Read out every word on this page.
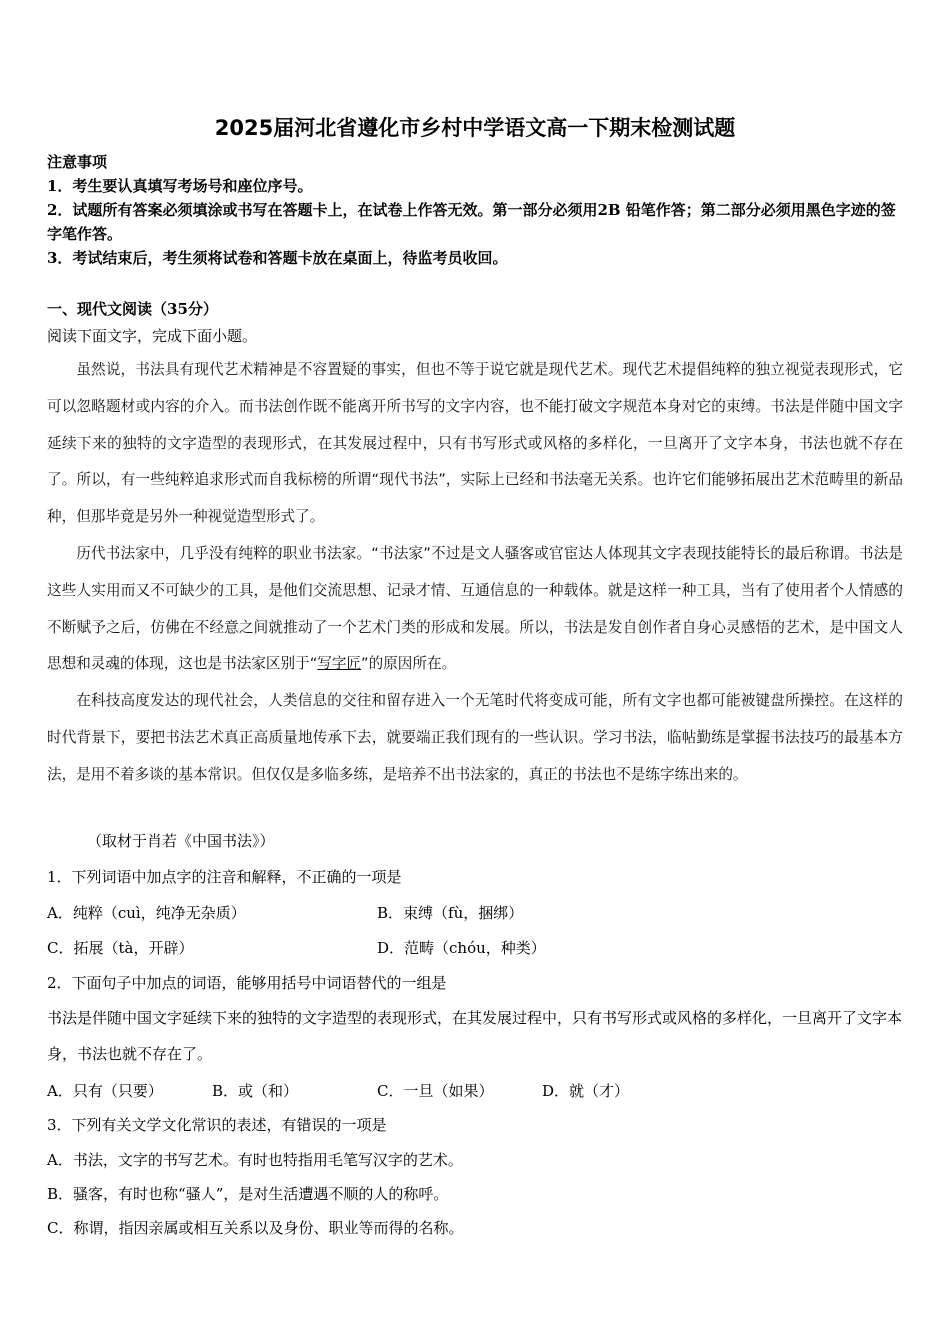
2025届河北省遵化市乡村中学语文高一下期末检测试题
注意事项
1．考生要认真填写考场号和座位序号。
2．试题所有答案必须填涂或书写在答题卡上，在试卷上作答无效。第一部分必须用2B 铅笔作答；第二部分必须用黑色字迹的签字笔作答。
3．考试结束后，考生须将试卷和答题卡放在桌面上，待监考员收回。
一、现代文阅读（35分）
阅读下面文字，完成下面小题。

虽然说，书法具有现代艺术精神是不容置疑的事实，但也不等于说它就是现代艺术。现代艺术提倡纯粹的独立视觉表现形式，它可以忽略题材或内容的介入。而书法创作既不能离开所书写的文字内容，也不能打破文字规范本身对它的束缚。书法是伴随中国文字延续下来的独特的文字造型的表现形式，在其发展过程中，只有书写形式或风格的多样化，一旦离开了文字本身，书法也就不存在了。所以，有一些纯粹追求形式而自我标榜的所谓“现代书法”，实际上已经和书法毫无关系。也许它们能够拓展出艺术范畴里的新品种，但那毕竟是另外一种视觉造型形式了。

历代书法家中，几乎没有纯粹的职业书法家。“书法家”不过是文人骚客或官宦达人体现其文字表现技能特长的最后称谓。书法是这些人实用而又不可缺少的工具，是他们交流思想、记录才情、互通信息的一种载体。就是这样一种工具，当有了使用者个人情感的不断赋予之后，仿佛在不经意之间就推动了一个艺术门类的形成和发展。所以，书法是发自创作者自身心灵感悟的艺术，是中国文人思想和灵魂的体现，这也是书法家区别于“写字匠”的原因所在。

在科技高度发达的现代社会，人类信息的交往和留存进入一个无笔时代将变成可能，所有文字也都可能被键盘所操控。在这样的时代背景下，要把书法艺术真正高质量地传承下去，就要端正我们现有的一些认识。学习书法，临帖勤练是掌握书法技巧的最基本方法，是用不着多谈的基本常识。但仅仅是多临多练，是培养不出书法家的，真正的书法也不是练字练出来的。

（取材于肖若《中国书法》）
1．下列词语中加点字的注音和解释，不正确的一项是
A．纯粹（cuì，纯净无杂质）	B．束缚（fù，捆绑）
C．拓展（tà，开辟）	D．范畴（chóu，种类）
2．下面句子中加点的词语，能够用括号中词语替代的一组是
书法是伴随中国文字延续下来的独特的文字造型的表现形式，在其发展过程中，只有书写形式或风格的多样化，一旦离开了文字本身，书法也就不存在了。
A．只有（只要）	B．或（和）	C．一旦（如果）	D．就（才）
3．下列有关文学文化常识的表述，有错误的一项是
A．书法，文字的书写艺术。有时也特指用毛笔写汉字的艺术。
B．骚客，有时也称“骚人”，是对生活遭遇不顺的人的称呼。
C．称谓，指因亲属或相互关系以及身份、职业等而得的名称。
